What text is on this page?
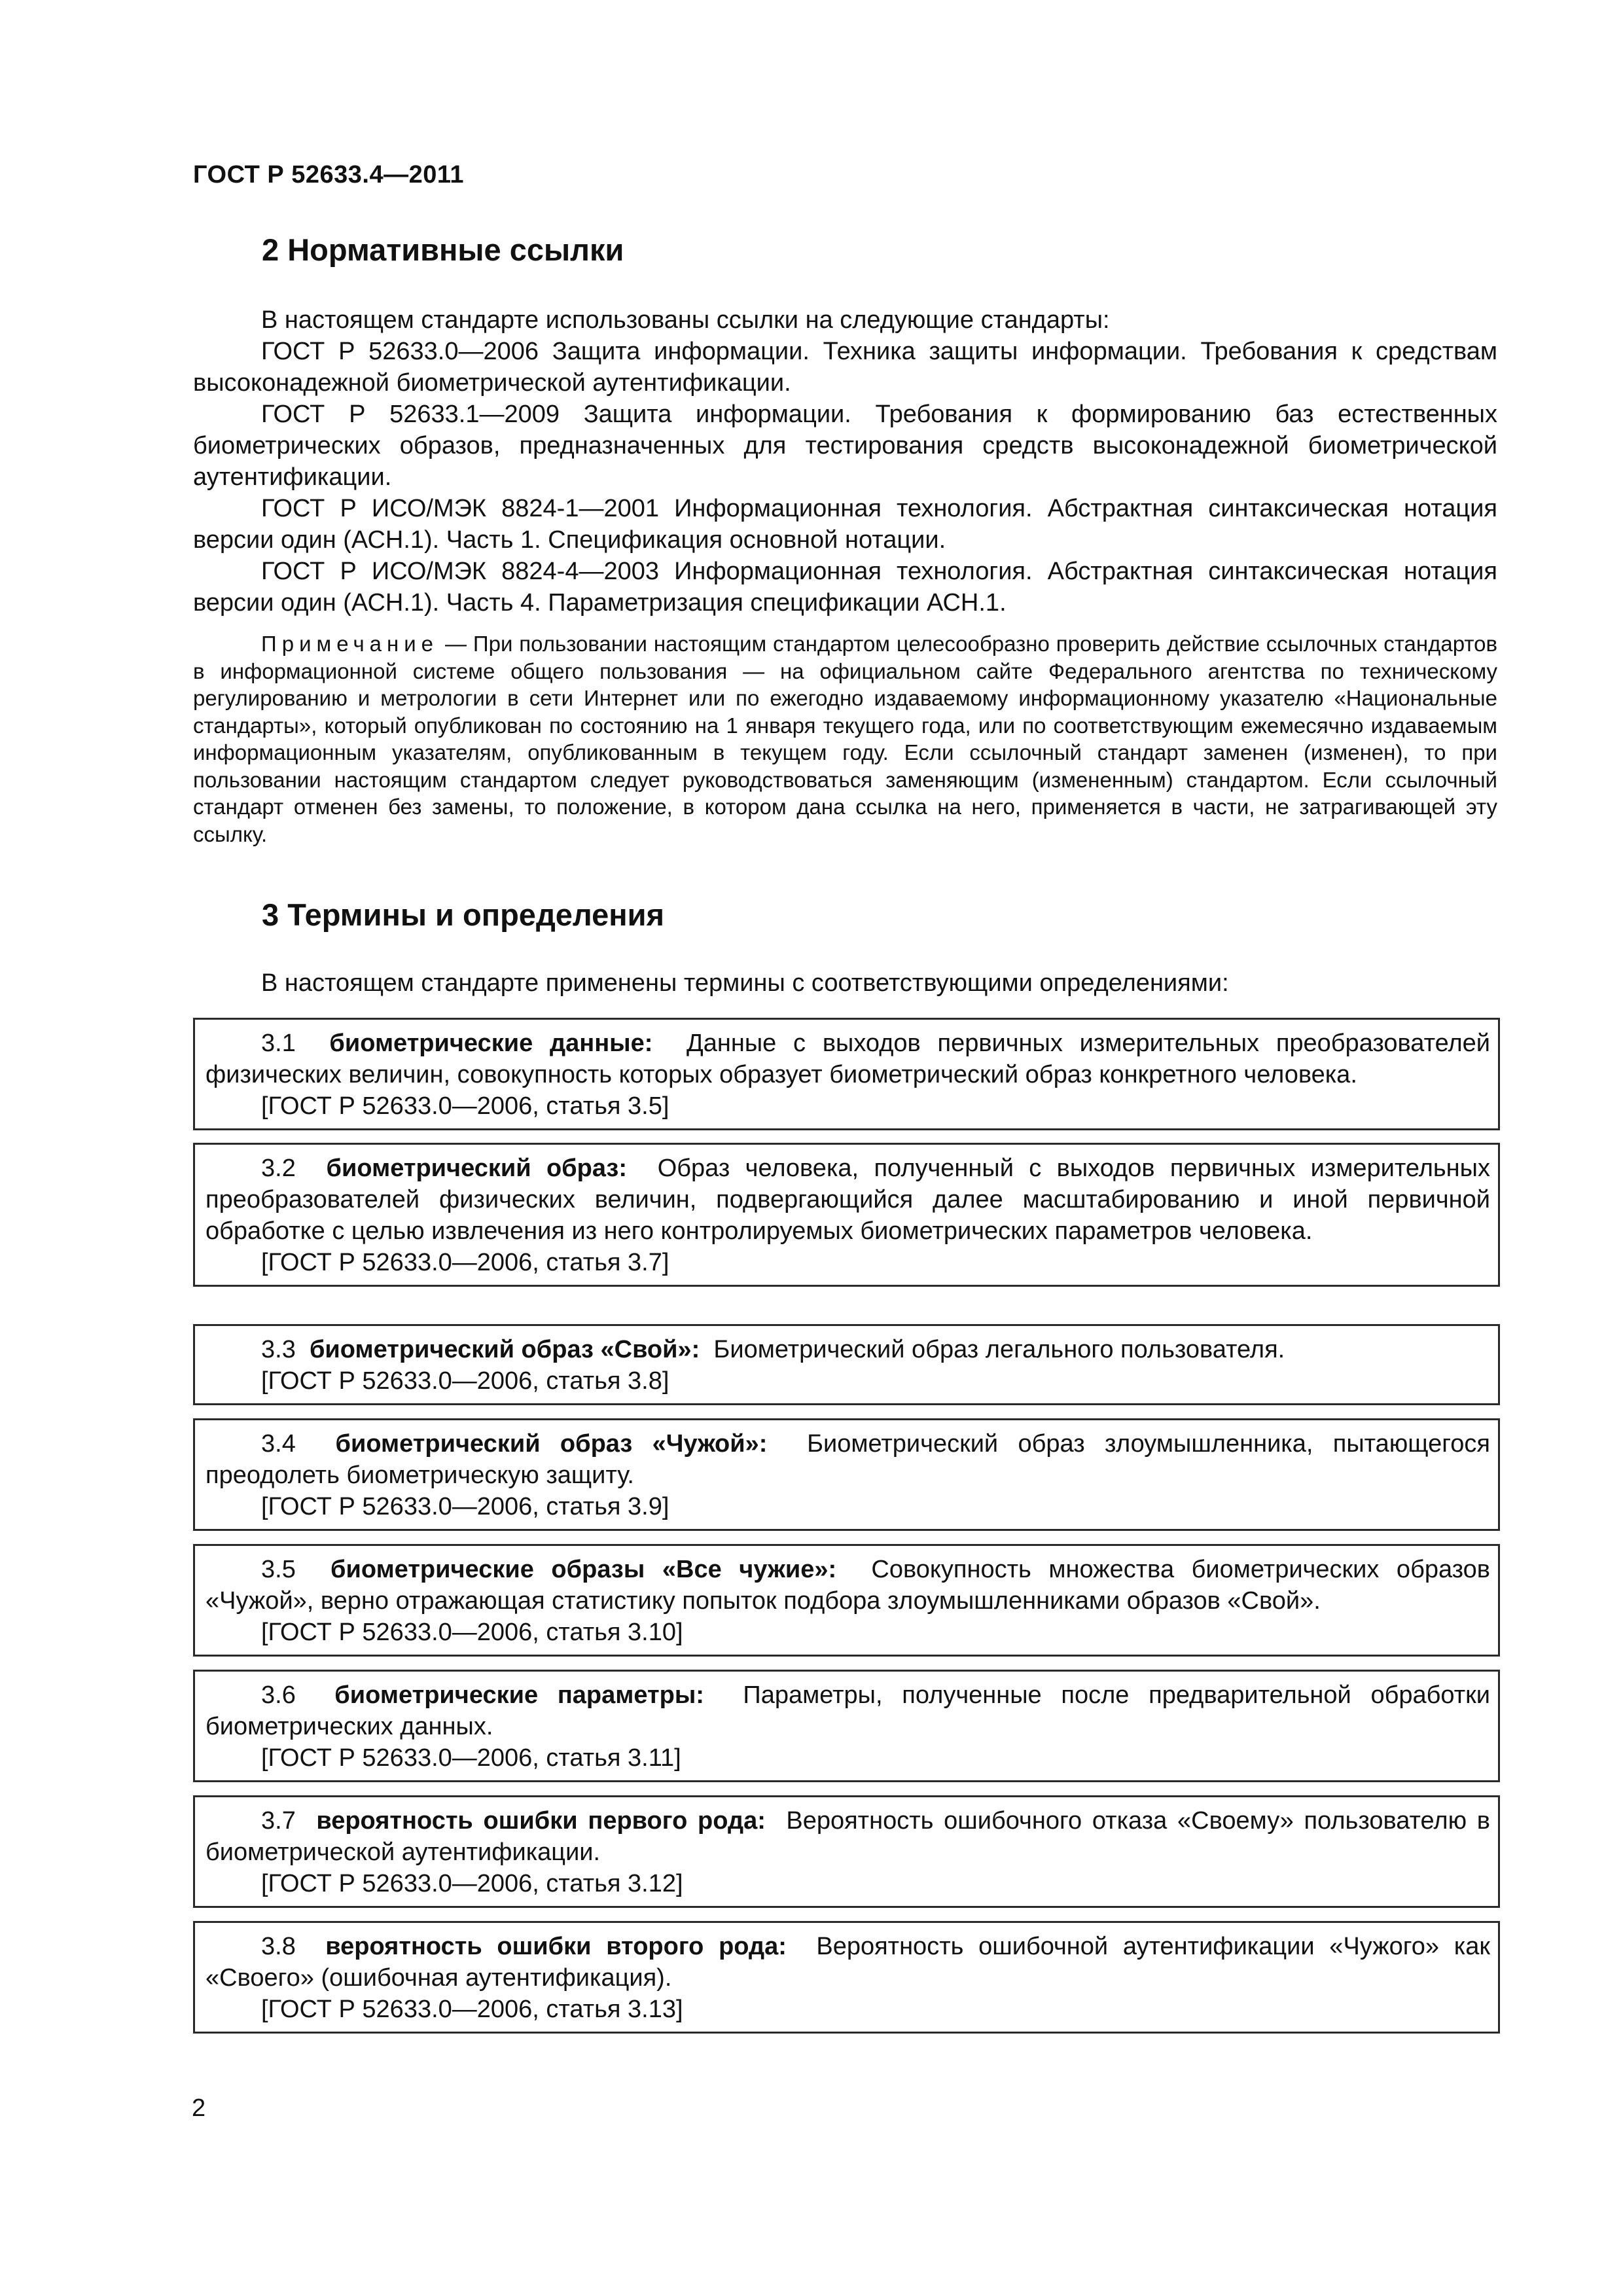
ГОСТ Р 52633.4—2011
2 Нормативные ссылки

В настоящем стандарте использованы ссылки на следующие стандарты:

ГОСТ Р 52633.0—2006 Защита информации. Техника защиты информации. Требования к средствам высоконадежной биометрической аутентификации.

ГОСТ Р 52633.1—2009 Защита информации. Требования к формированию баз естественных биометрических образов, предназначенных для тестирования средств высоконадежной биометрической аутентификации.

ГОСТ Р ИСО/МЭК 8824-1—2001 Информационная технология. Абстрактная синтаксическая нотация версии один (АСН.1). Часть 1. Спецификация основной нотации.

ГОСТ Р ИСО/МЭК 8824-4—2003 Информационная технология. Абстрактная синтаксическая нотация версии один (АСН.1). Часть 4. Параметризация спецификации АСН.1.

Примечание — При пользовании настоящим стандартом целесообразно проверить действие ссылочных стандартов в информационной системе общего пользования — на официальном сайте Федерального агентства по техническому регулированию и метрологии в сети Интернет или по ежегодно издаваемому информационному указателю «Национальные стандарты», который опубликован по состоянию на 1 января текущего года, или по соответствующим ежемесячно издаваемым информационным указателям, опубликованным в текущем году. Если ссылочный стандарт заменен (изменен), то при пользовании настоящим стандартом следует руководствоваться заменяющим (измененным) стандартом. Если ссылочный стандарт отменен без замены, то положение, в котором дана ссылка на него, применяется в части, не затрагивающей эту ссылку.

3 Термины и определения
В настоящем стандарте применены термины с соответствующими определениями:

3.1 биометрические данные: Данные с выходов первичных измерительных преобразователей физических величин, совокупность которых образует биометрический образ конкретного человека.

[ГОСТ Р 52633.0—2006, статья 3.5]

3.2 биометрический образ: Образ человека, полученный с выходов первичных измерительных преобразователей физических величин, подвергающийся далее масштабированию и иной первичной обработке с целью извлечения из него контролируемых биометрических параметров человека.

[ГОСТ Р 52633.0—2006, статья 3.7]

3.3 биометрический образ «Свой»: Биометрический образ легального пользователя.

[ГОСТ Р 52633.0—2006, статья 3.8]

3.4 биометрический образ «Чужой»: Биометрический образ злоумышленника, пытающегося преодолеть биометрическую защиту.

[ГОСТ Р 52633.0—2006, статья 3.9]

3.5 биометрические образы «Все чужие»: Совокупность множества биометрических образов «Чужой», верно отражающая статистику попыток подбора злоумышленниками образов «Свой».

[ГОСТ Р 52633.0—2006, статья 3.10]

3.6 биометрические параметры: Параметры, полученные после предварительной обработки биометрических данных.

[ГОСТ Р 52633.0—2006, статья 3.11]

3.7 вероятность ошибки первого рода: Вероятность ошибочного отказа «Своему» пользователю в биометрической аутентификации.

[ГОСТ Р 52633.0—2006, статья 3.12]

3.8 вероятность ошибки второго рода: Вероятность ошибочной аутентификации «Чужого» как «Своего» (ошибочная аутентификация).

[ГОСТ Р 52633.0—2006, статья 3.13]

2
